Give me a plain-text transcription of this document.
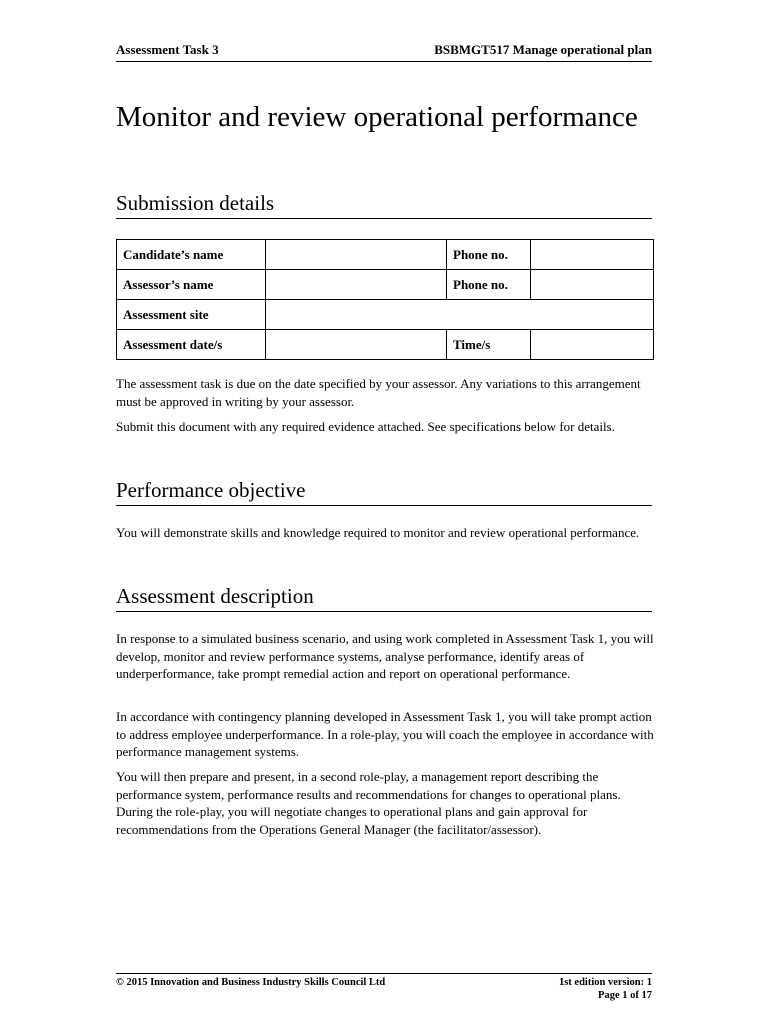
Assessment Task 3	BSBMGT517 Manage operational plan
Monitor and review operational performance
Submission details
Candidate’s name		Phone no.	
Assessor’s name		Phone no.	
Assessment site			
Assessment date/s		Time/s	

The assessment task is due on the date specified by your assessor. Any variations to this arrangement must be approved in writing by your assessor.

Submit this document with any required evidence attached. See specifications below for details.

Performance objective

You will demonstrate skills and knowledge required to monitor and review operational performance.

Assessment description

In response to a simulated business scenario, and using work completed in Assessment Task 1, you will develop, monitor and review performance systems, analyse performance, identify areas of underperformance, take prompt remedial action and report on operational performance.

In accordance with contingency planning developed in Assessment Task 1, you will take prompt action to address employee underperformance. In a role-play, you will coach the employee in accordance with performance management systems.

You will then prepare and present, in a second role-play, a management report describing the performance system, performance results and recommendations for changes to operational plans. During the role-play, you will negotiate changes to operational plans and gain approval for recommendations from the Operations General Manager (the facilitator/assessor).

© 2015 Innovation and Business Industry Skills Council Ltd	1st edition version: 1
Page 1 of 17
